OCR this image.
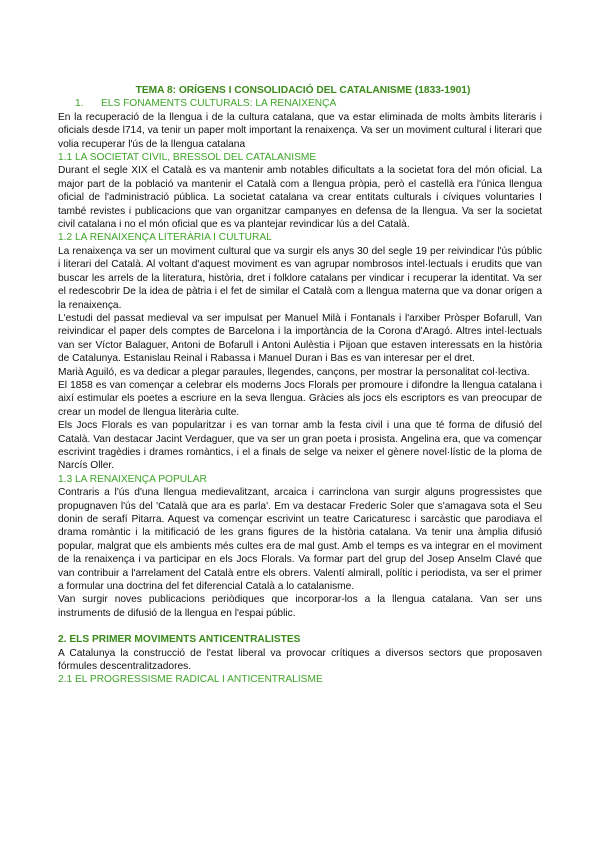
TEMA 8: ORÍGENS I CONSOLIDACIÓ DEL CATALANISME (1833-1901)
1. ELS FONAMENTS CULTURALS: LA RENAIXENÇA

En la recuperació de la llengua i de la cultura catalana, que va estar eliminada de molts àmbits literaris i oficials desde l714, va tenir un paper molt important la renaixença. Va ser un moviment cultural i literari que volia recuperar l'ús de la llengua catalana

1.1 LA SOCIETAT CIVIL, BRESSOL DEL CATALANISME

Durant el segle XIX el Català es va mantenir amb notables dificultats a la societat fora del món oficial. La major part de la població va mantenir el Català com a llengua pròpia, però el castellà era l'única llengua oficial de l'administració pública. La societat catalana va crear entitats culturals i cíviques voluntaries I també revistes i publicacions que van organitzar campanyes en defensa de la llengua. Va ser la societat civil catalana i no el món oficial que es va plantejar revindicar lús a del Català.

1.2 LA RENAIXENÇA LITERÀRIA I CULTURAL

La renaixença va ser un moviment cultural que va surgir els anys 30 del segle 19 per reivindicar l'ús públic i literari del Català. Al voltant d'aquest moviment es van agrupar nombrosos intel·lectuals i erudits que van buscar les arrels de la literatura, història, dret i folklore catalans per vindicar i recuperar la identitat. Va ser el redescobrir De la idea de pàtria i el fet de similar el Català com a llengua materna que va donar origen a la renaixença.

L'estudi del passat medieval va ser impulsat per Manuel Milà i Fontanals i l'arxiber Pròsper Bofarull, Van reivindicar el paper dels comptes de Barcelona i la importància de la Corona d'Aragó. Altres intel·lectuals van ser Víctor Balaguer, Antoni de Bofarull i Antoni Aulèstia i Pijoan que estaven interessats en la història de Catalunya. Estanislau Reinal i Rabassa i Manuel Duran i Bas es van interesar per el dret.

Marià Aguiló, es va dedicar a plegar paraules, llegendes, cançons, per mostrar la personalitat col·lectiva.

El 1858 es van començar a celebrar els moderns Jocs Florals per promoure i difondre la llengua catalana i així estimular els poetes a escriure en la seva llengua. Gràcies als jocs els escriptors es van preocupar de crear un model de llengua literària culte.

Els Jocs Florals es van popularitzar i es van tornar amb la festa civil i una que té forma de difusió del Català. Van destacar Jacint Verdaguer, que va ser un gran poeta i prosista. Angelina era, que va començar escrivint tragèdies i drames romàntics, i el a finals de selge va neixer el gènere novel·lístic de la ploma de Narcís Oller.

1.3 LA RENAIXENÇA POPULAR

Contraris a l'ús d'una llengua medievalitzant, arcaica i carrinclona van surgir alguns progressistes que propugnaven l'ús del 'Català que ara es parla'. Em va destacar Frederic Soler que s'amagava sota el Seu donin de serafí Pitarra. Aquest va començar escrivint un teatre Caricaturesc i sarcàstic que parodiava el drama romàntic i la mitificació de les grans figures de la història catalana. Va tenir una àmplia difusió popular, malgrat que els ambients més cultes era de mal gust. Amb el temps es va integrar en el moviment de la renaixença i va participar en els Jocs Florals. Va formar part del grup del Josep Anselm Clavé que van contribuir a l'arrelament del Català entre els obrers. Valentí almirall, polític i periodista, va ser el primer a formular una doctrina del fet diferencial Català a lo catalanisme.

Van surgir noves publicacions periòdiques que incorporar-los a la llengua catalana. Van ser uns instruments de difusió de la llengua en l'espai públic.

2. ELS PRIMER MOVIMENTS ANTICENTRALISTES

A Catalunya la construcció de l'estat liberal va provocar crítiques a diversos sectors que proposaven fórmules descentralitzadores.

2.1 EL PROGRESSISME RADICAL I ANTICENTRALISME
